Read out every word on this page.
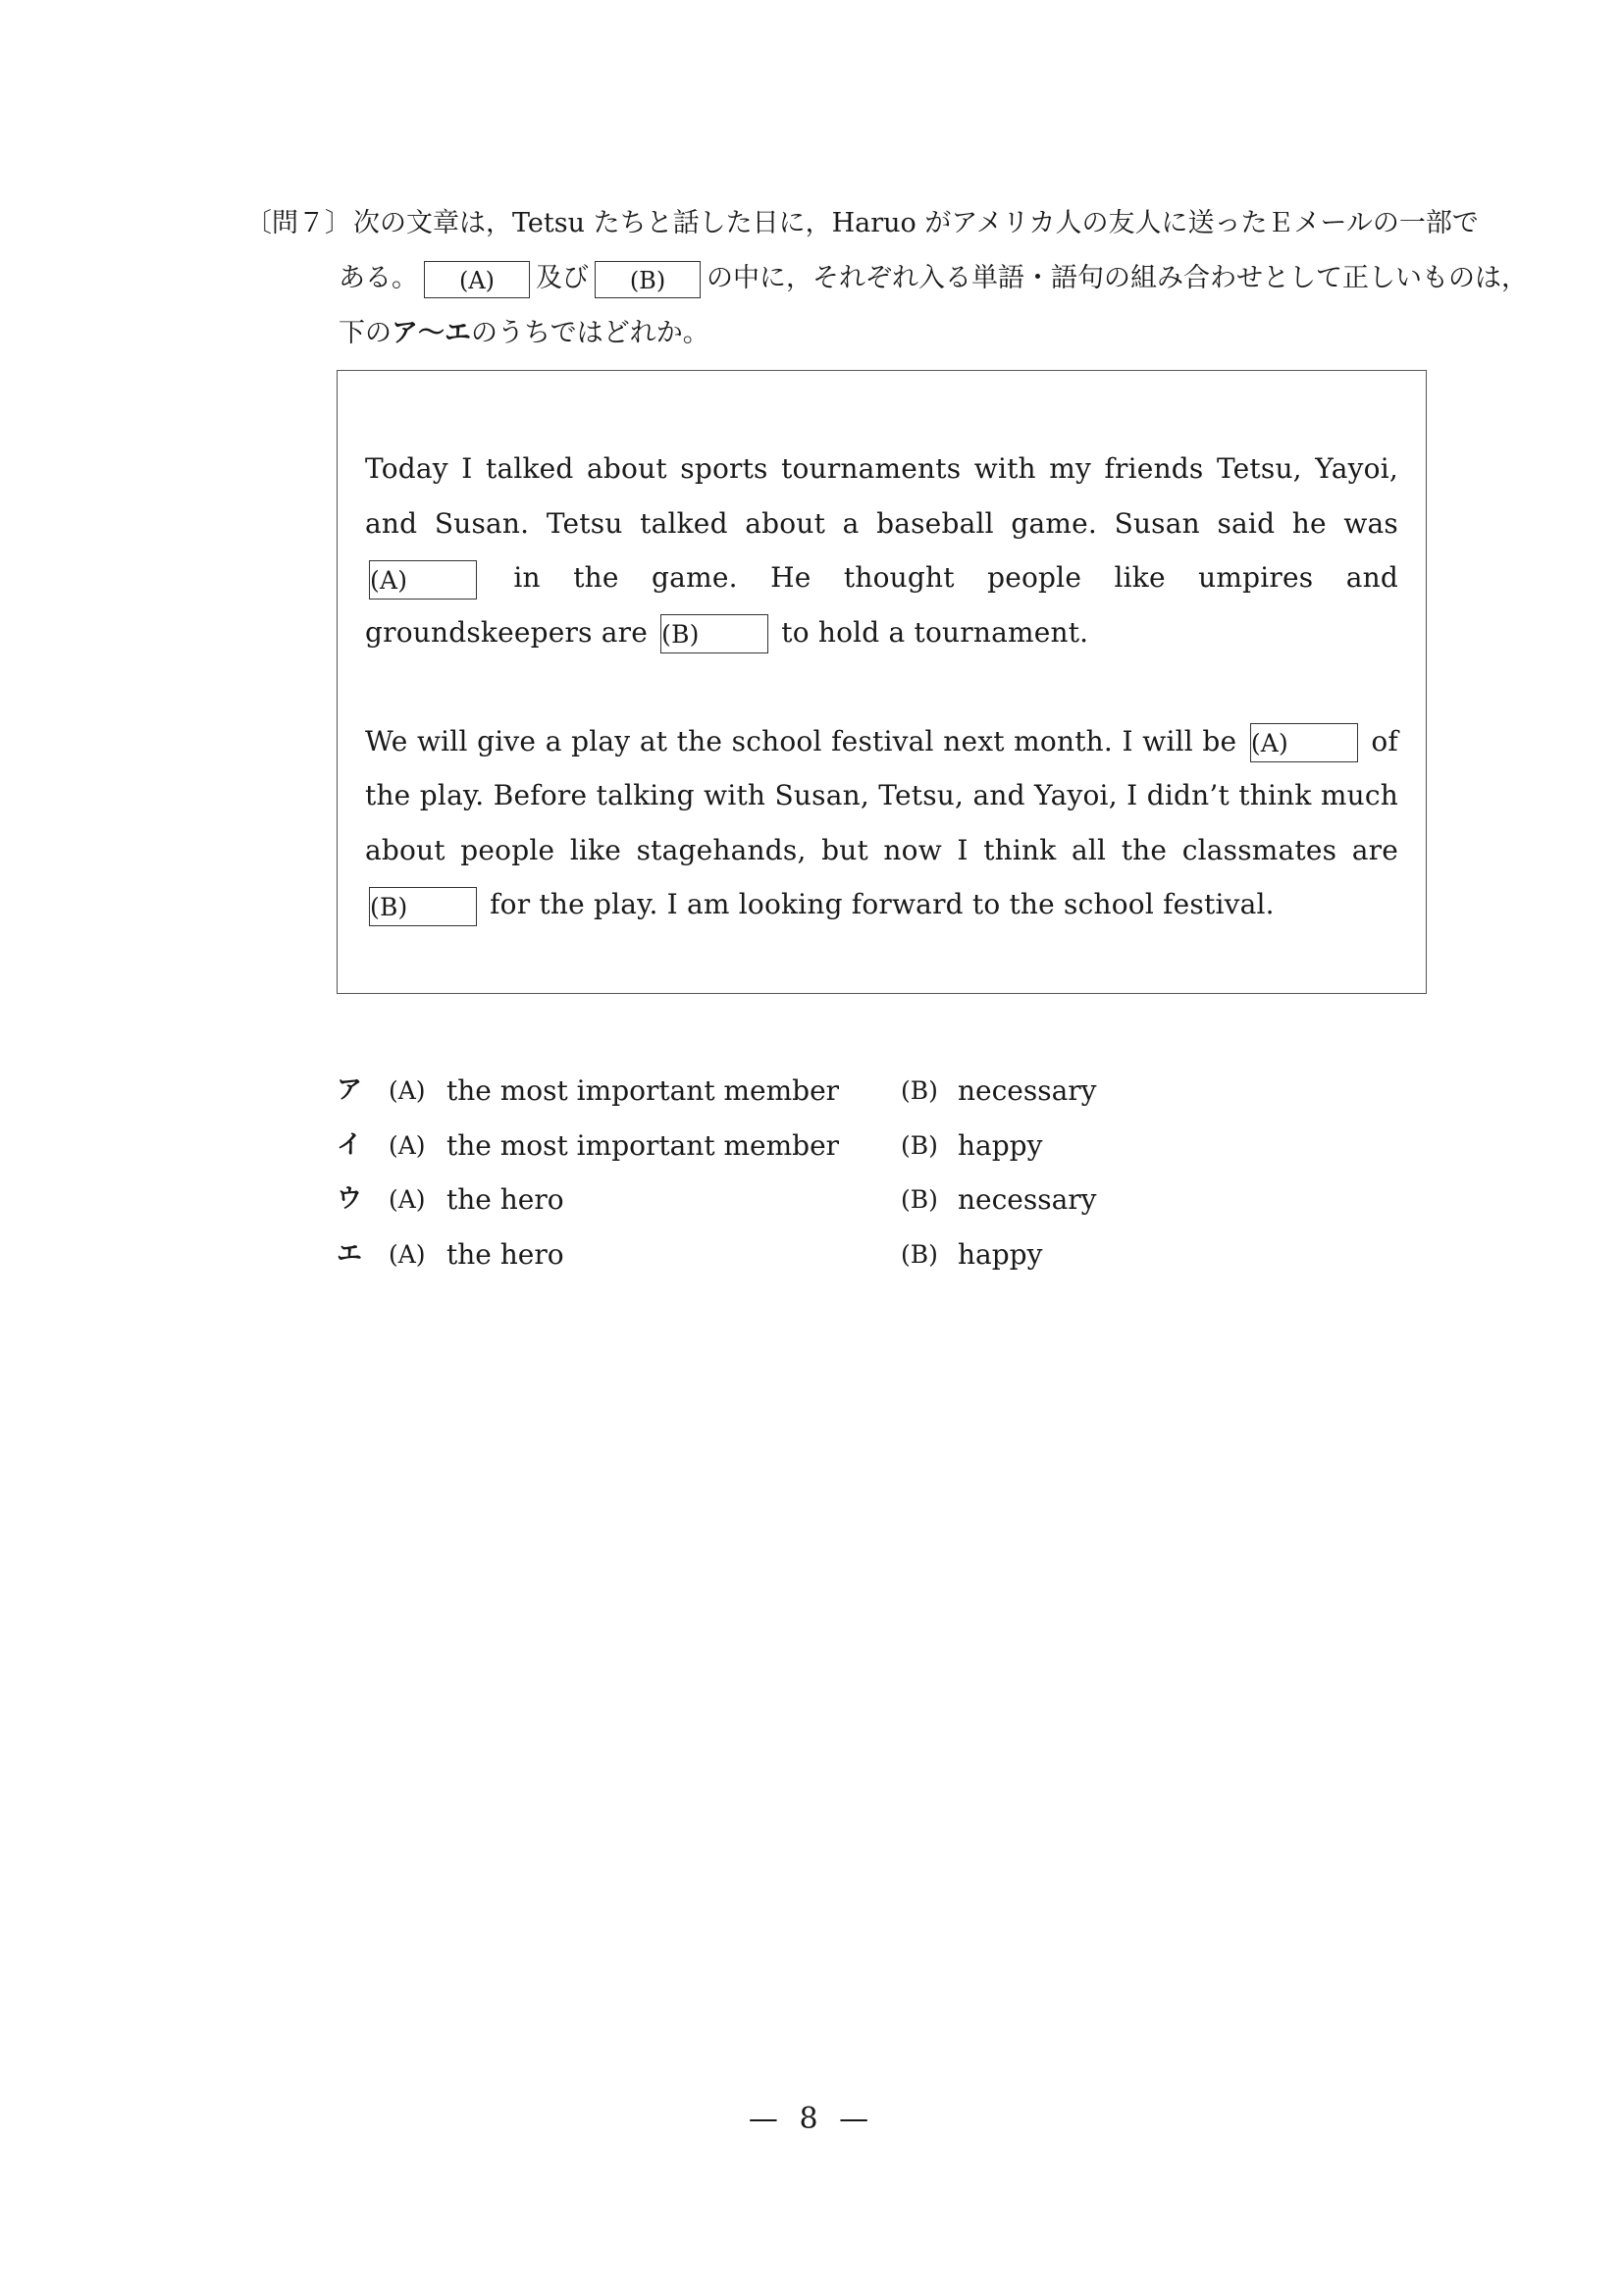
〔問７〕次の文章は，Tetsu たちと話した日に，Haruo がアメリカ人の友人に送ったＥメールの一部で
ある。 (A) 及び (B) の中に，それぞれ入る単語・語句の組み合わせとして正しいものは，
下のア〜エのうちではどれか。
Today I talked about sports tournaments with my friends Tetsu, Yayoi, and Susan. Tetsu talked about a baseball game. Susan said he was (A)	in the game. He thought people like umpires and groundskeepers are (B)	to hold a tournament.
We will give a play at the school festival next month. I will be (A)	of the play. Before talking with Susan, Tetsu, and Yayoi, I didn’t think much about people like stagehands, but now I think all the classmates are (B)	for the play. I am looking forward to the school festival.
ア (A) the most important member	(B) necessary
イ (A) the most important member	(B) happy
ウ (A) the hero	(B) necessary
エ (A) the hero	(B) happy
— 8 —
